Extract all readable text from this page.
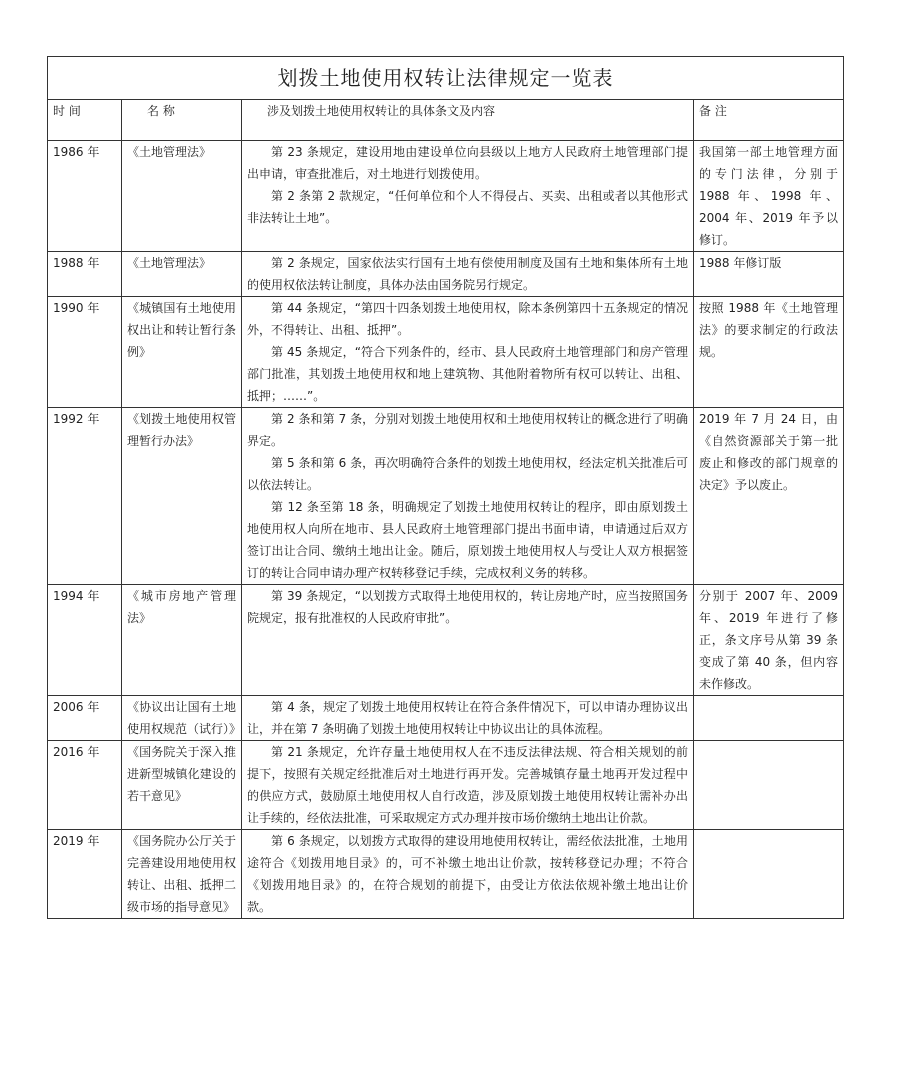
划拨土地使用权转让法律规定一览表			
时 间	名 称	涉及划拨土地使用权转让的具体条文及内容	备 注
1986 年	《土地管理法》	第 23 条规定，建设用地由建设单位向县级以上地方人民政府土地管理部门提出申请，审查批准后，对土地进行划拨使用。

第 2 条第 2 款规定，“任何单位和个人不得侵占、买卖、出租或者以其他形式非法转让土地”。	我国第一部土地管理方面的专门法律，分别于 1988 年、1998 年、2004 年、2019 年予以修订。
1988 年	《土地管理法》	第 2 条规定，国家依法实行国有土地有偿使用制度及国有土地和集体所有土地的使用权依法转让制度，具体办法由国务院另行规定。	1988 年修订版
1990 年	《城镇国有土地使用权出让和转让暂行条例》	第 44 条规定，“第四十四条划拨土地使用权，除本条例第四十五条规定的情况外，不得转让、出租、抵押”。

第 45 条规定，“符合下列条件的，经市、县人民政府土地管理部门和房产管理部门批准，其划拨土地使用权和地上建筑物、其他附着物所有权可以转让、出租、抵押；……”。	按照 1988 年《土地管理法》的要求制定的行政法规。
1992 年	《划拨土地使用权管理暂行办法》	第 2 条和第 7 条，分别对划拨土地使用权和土地使用权转让的概念进行了明确界定。

第 5 条和第 6 条，再次明确符合条件的划拨土地使用权，经法定机关批准后可以依法转让。

第 12 条至第 18 条，明确规定了划拨土地使用权转让的程序，即由原划拨土地使用权人向所在地市、县人民政府土地管理部门提出书面申请，申请通过后双方签订出让合同、缴纳土地出让金。随后，原划拨土地使用权人与受让人双方根据签订的转让合同申请办理产权转移登记手续，完成权利义务的转移。	2019 年 7 月 24 日，由《自然资源部关于第一批废止和修改的部门规章的决定》予以废止。
1994 年	《城市房地产管理法》	第 39 条规定，“以划拨方式取得土地使用权的，转让房地产时，应当按照国务院规定，报有批准权的人民政府审批”。	分别于 2007 年、2009 年、2019 年进行了修正，条文序号从第 39 条变成了第 40 条，但内容未作修改。
2006 年	《协议出让国有土地使用权规范（试行）》	第 4 条，规定了划拨土地使用权转让在符合条件情况下，可以申请办理协议出让，并在第 7 条明确了划拨土地使用权转让中协议出让的具体流程。	

2016 年	《国务院关于深入推进新型城镇化建设的若干意见》	第 21 条规定，允许存量土地使用权人在不违反法律法规、符合相关规划的前提下，按照有关规定经批准后对土地进行再开发。完善城镇存量土地再开发过程中的供应方式，鼓励原土地使用权人自行改造，涉及原划拨土地使用权转让需补办出让手续的，经依法批准，可采取规定方式办理并按市场价缴纳土地出让价款。	

2019 年	《国务院办公厅关于完善建设用地使用权转让、出租、抵押二级市场的指导意见》	第 6 条规定，以划拨方式取得的建设用地使用权转让，需经依法批准，土地用途符合《划拨用地目录》的，可不补缴土地出让价款，按转移登记办理；不符合《划拨用地目录》的，在符合规划的前提下，由受让方依法依规补缴土地出让价款。	
